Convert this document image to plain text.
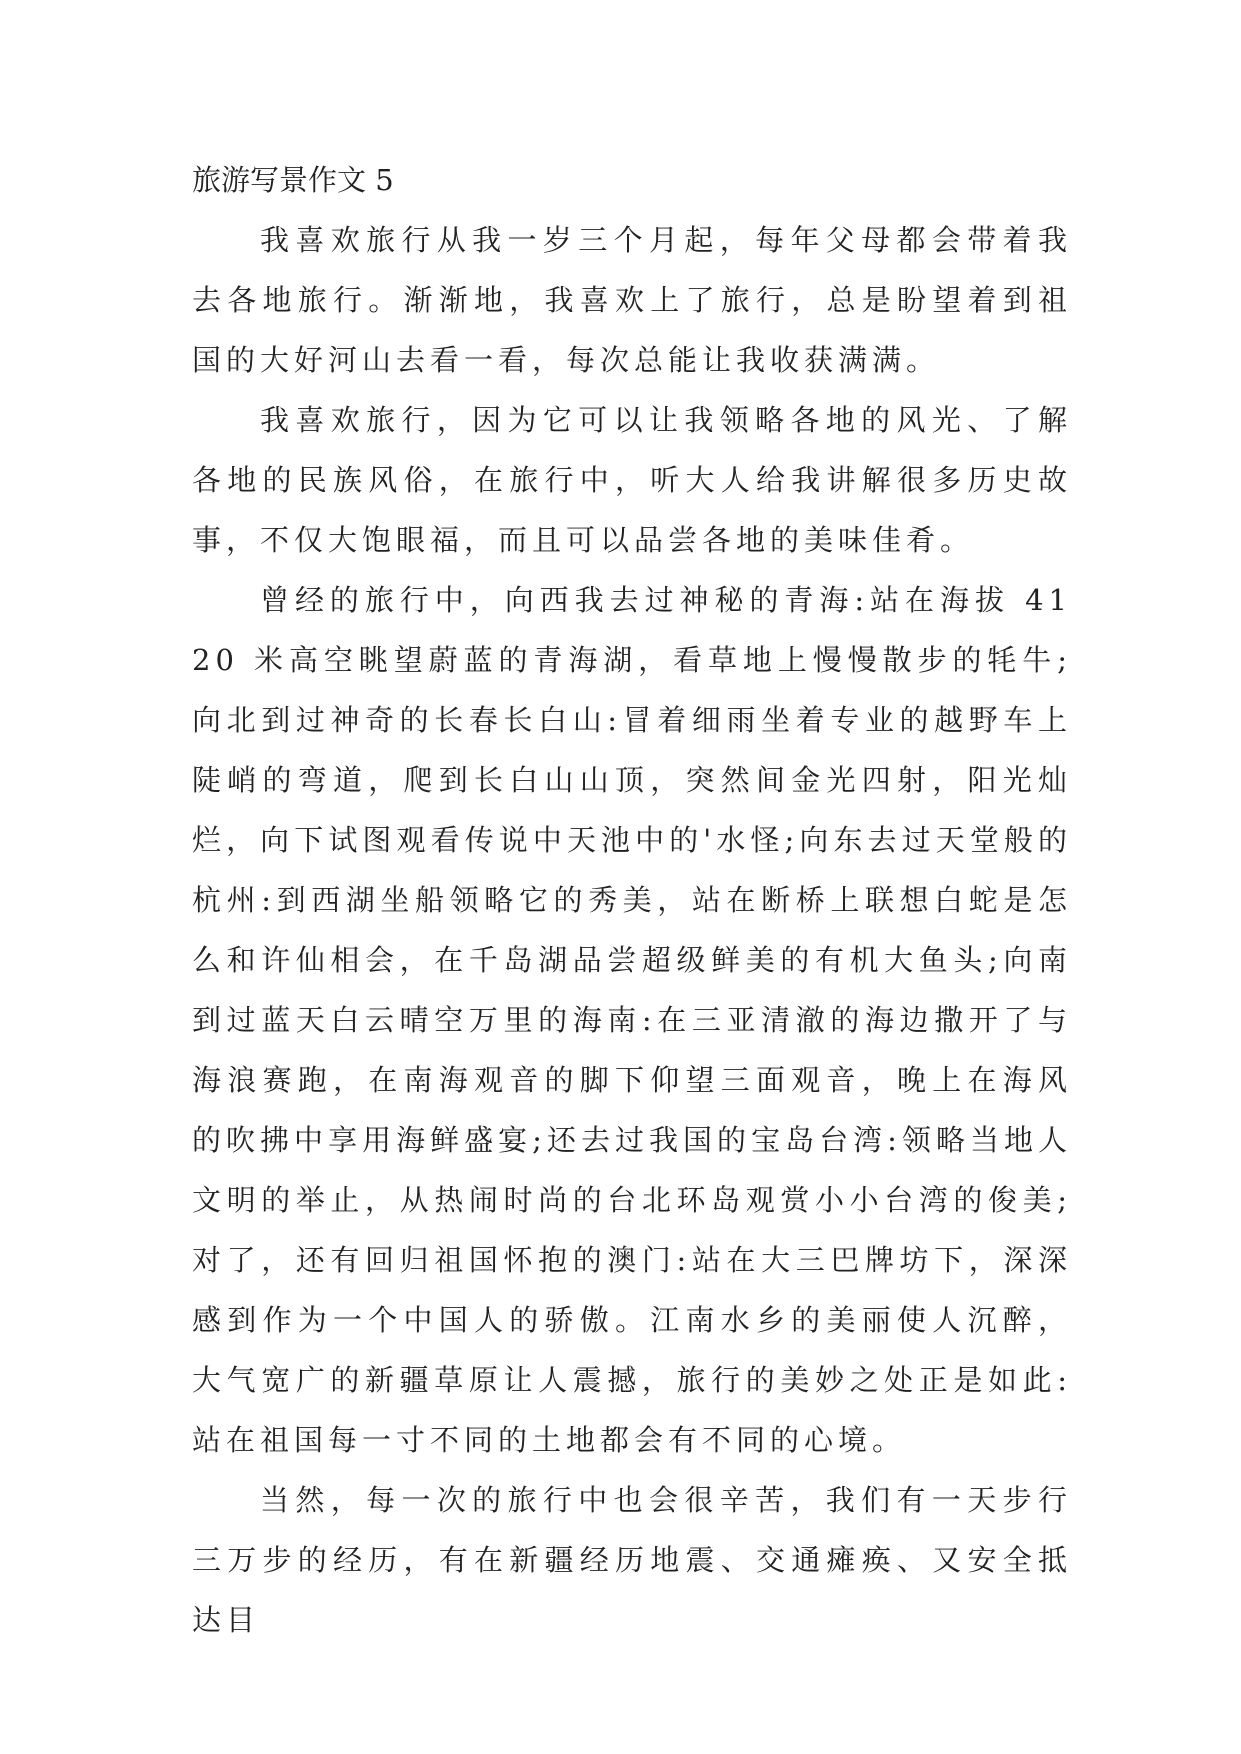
旅游写景作文 5

我喜欢旅行从我一岁三个月起，每年父母都会带着我去各地旅行。渐渐地，我喜欢上了旅行，总是盼望着到祖国的大好河山去看一看，每次总能让我收获满满。

我喜欢旅行，因为它可以让我领略各地的风光、了解各地的民族风俗，在旅行中，听大人给我讲解很多历史故事，不仅大饱眼福，而且可以品尝各地的美味佳肴。

曾经的旅行中，向西我去过神秘的青海:站在海拔 4120 米高空眺望蔚蓝的青海湖，看草地上慢慢散步的牦牛;向北到过神奇的长春长白山:冒着细雨坐着专业的越野车上陡峭的弯道，爬到长白山山顶，突然间金光四射，阳光灿烂，向下试图观看传说中天池中的'水怪;向东去过天堂般的杭州:到西湖坐船领略它的秀美，站在断桥上联想白蛇是怎么和许仙相会，在千岛湖品尝超级鲜美的有机大鱼头;向南到过蓝天白云晴空万里的海南:在三亚清澈的海边撒开了与海浪赛跑，在南海观音的脚下仰望三面观音，晚上在海风的吹拂中享用海鲜盛宴;还去过我国的宝岛台湾:领略当地人文明的举止，从热闹时尚的台北环岛观赏小小台湾的俊美;对了，还有回归祖国怀抱的澳门:站在大三巴牌坊下，深深感到作为一个中国人的骄傲。江南水乡的美丽使人沉醉，大气宽广的新疆草原让人震撼，旅行的美妙之处正是如此:站在祖国每一寸不同的土地都会有不同的心境。

当然，每一次的旅行中也会很辛苦，我们有一天步行三万步的经历，有在新疆经历地震、交通瘫痪、又安全抵达目
